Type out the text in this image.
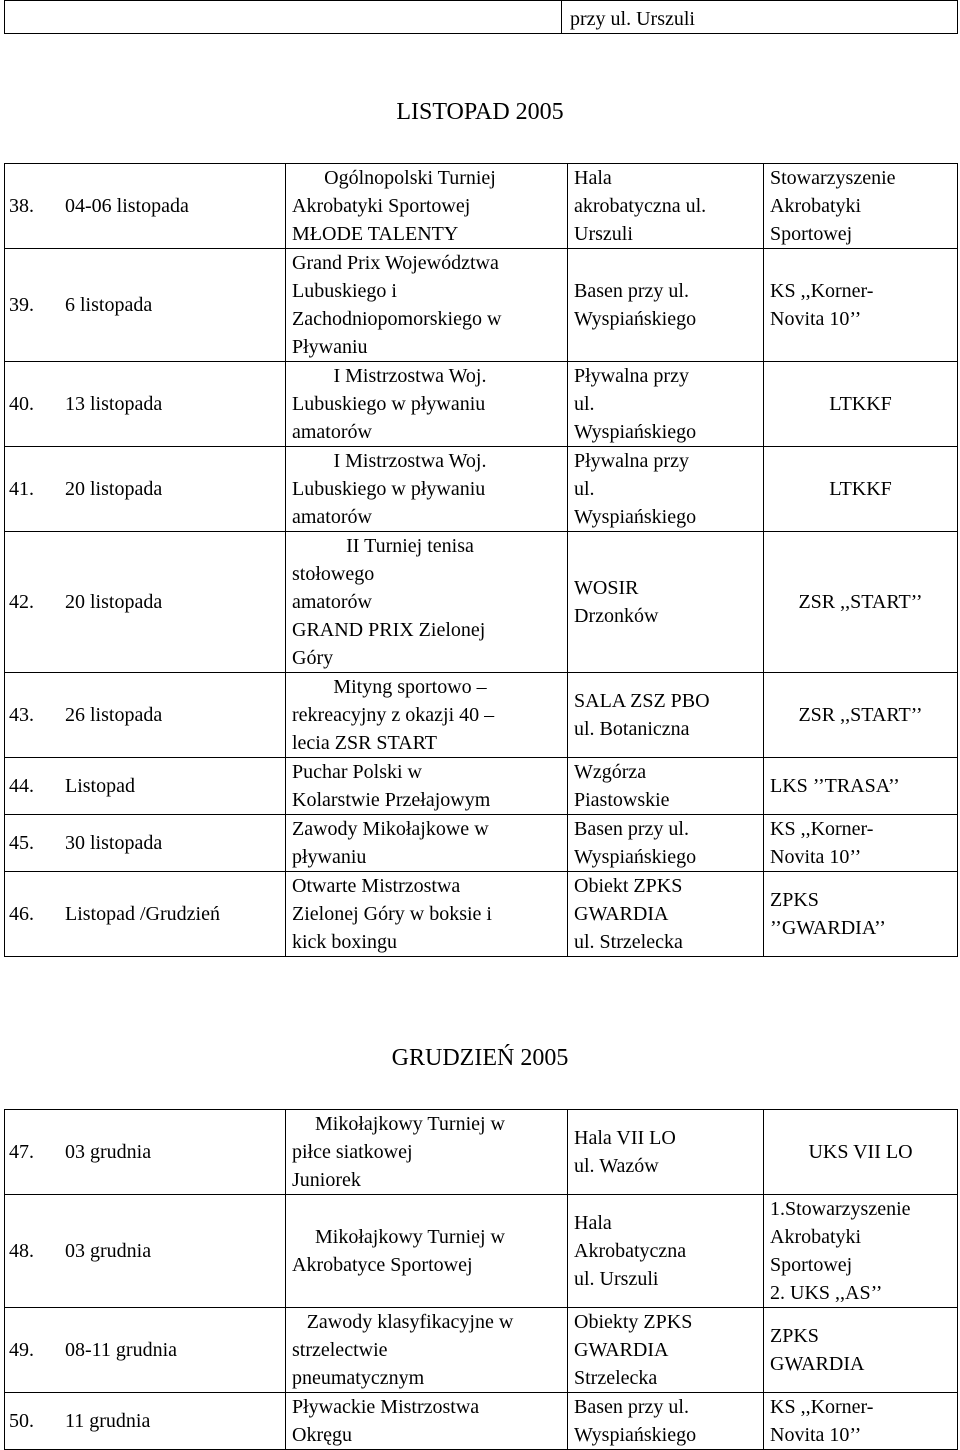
	przy ul. Urszuli
LISTOPAD 2005
38. 04-06 listopada	Ogólnopolski Turniej
Akrobatyki Sportowej
MŁODE TALENTY	Hala
akrobatyczna ul.
Urszuli	Stowarzyszenie
Akrobatyki
Sportowej

39. 6 listopada	Grand Prix Województwa
Lubuskiego i
Zachodniopomorskiego w
Pływaniu	Basen przy ul.
Wyspiańskiego	KS ,,Korner-
Novita 10’’

40. 13 listopada	I Mistrzostwa Woj.
Lubuskiego w pływaniu
amatorów	Pływalna przy
ul.
Wyspiańskiego	LTKKF

41. 20 listopada	I Mistrzostwa Woj.
Lubuskiego w pływaniu
amatorów	Pływalna przy
ul.
Wyspiańskiego	LTKKF

42. 20 listopada	II Turniej tenisa
stołowego
amatorów
GRAND PRIX Zielonej
Góry	WOSIR
Drzonków	ZSR ,,START’’

43. 26 listopada	Mityng sportowo –
rekreacyjny z okazji 40 –
lecia ZSR START	SALA ZSZ PBO
ul. Botaniczna	ZSR ,,START’’

44. Listopad	Puchar Polski w
Kolarstwie Przełajowym	Wzgórza
Piastowskie	LKS ’’TRASA’’

45. 30 listopada	Zawody Mikołajkowe w
pływaniu	Basen przy ul.
Wyspiańskiego	KS ,,Korner-
Novita 10’’

46. Listopad /Grudzień	Otwarte Mistrzostwa
Zielonej Góry w boksie i
kick boxingu	Obiekt ZPKS
GWARDIA
ul. Strzelecka	ZPKS
’’GWARDIA’’
GRUDZIEŃ 2005
47. 03 grudnia	Mikołajkowy Turniej w
piłce siatkowej
Juniorek	Hala VII LO
ul. Wazów	UKS VII LO

48. 03 grudnia	Mikołajkowy Turniej w
Akrobatyce Sportowej	Hala
Akrobatyczna
ul. Urszuli	1.Stowarzyszenie
Akrobatyki
Sportowej
2. UKS ,,AS’’

49. 08-11 grudnia	Zawody klasyfikacyjne w
strzelectwie
pneumatycznym	Obiekty ZPKS
GWARDIA
Strzelecka	ZPKS
GWARDIA

50. 11 grudnia	Pływackie Mistrzostwa
Okręgu	Basen przy ul.
Wyspiańskiego	KS ,,Korner-
Novita 10’’
